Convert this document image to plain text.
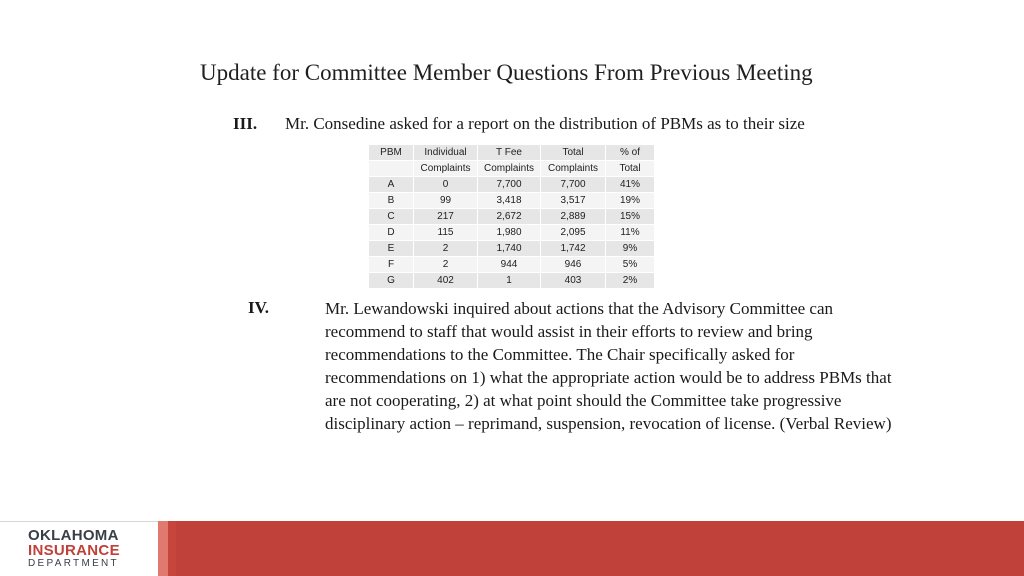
Update for Committee Member Questions From Previous Meeting
III. Mr. Consedine asked for a report on the distribution of PBMs as to their size
PBM	Individual	T Fee	Total	% of
	Complaints	Complaints	Complaints	Total
A	0	7,700	7,700	41%
B	99	3,418	3,517	19%
C	217	2,672	2,889	15%
D	115	1,980	2,095	11%
E	2	1,740	1,742	9%
F	2	944	946	5%
G	402	1	403	2%
IV.	Mr. Lewandowski inquired about actions that the Advisory Committee can recommend to staff that would assist in their efforts to review and bring recommendations to the Committee. The Chair specifically asked for recommendations on 1) what the appropriate action would be to address PBMs that are not cooperating, 2) at what point should the Committee take progressive disciplinary action – reprimand, suspension, revocation of license. (Verbal Review)
OKLAHOMA
INSURANCE
DEPARTMENT
